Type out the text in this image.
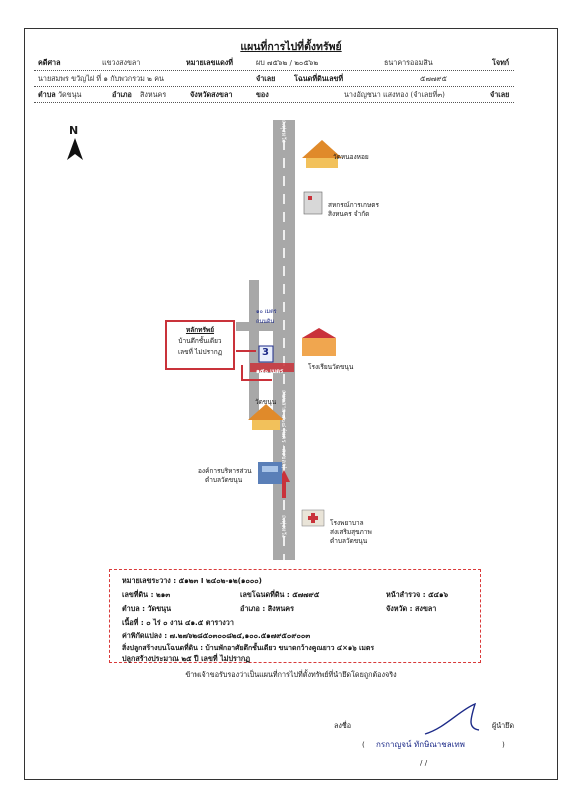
แผนที่การไปที่ตั้งทรัพย์
คดีศาล	แขวงสงขลา	หมายเลขแดงที่	ผบ ๗๕๖๒ / ๒๐๕๖๒	ธนาคารออมสิน	โจทก์
นายสมพร ขวัญไฝ ที่ ๑ กับพวกรวม ๒ คน	จำเลย	โฉนดที่ดินเลขที่	๕๗๗๙๕
ตำบล วัดขนุน	อำเภอ สิงหนคร	จังหวัดสงขลา	ของ	นางอัญชนา แสงทอง (จำเลยที่๓)	จำเลย
N	ถ.ทุ่งหวัง
ถนนสาย ๔๐๘ (นคร - สงขลา)
ถ.ทุ่งหวัง
วัดหนองหอย
สหกรณ์การเกษตร
สิงหนคร จำกัด
โรงเรียนวัดขนุน
วัดขนุน
องค์การบริหารส่วน
ตำบลวัดขนุน
โรงพยาบาล
ส่งเสริมสุขภาพ
ตำบลวัดขนุน
๑๕๐ เมตร
๑๐ เมตร
ถนนดิน
3
หลักทรัพย์
บ้านตึกชั้นเดียว
เลขที่ ไม่ปรากฏ
หมายเลขระวาง : ๕๑๒๓ I ๒๔๐๒-๑๒(๑๐๐๐)
เลขที่ดิน : ๒๑๓	เลขโฉนดที่ดิน : ๕๗๗๙๕	หน้าสำรวจ : ๕๔๑๖
ตำบล : วัดขนุน	อำเภอ : สิงหนคร	จังหวัด : สงขลา
เนื้อที่ : ๐ ไร่ ๐ งาน ๔๑.๕ ตารางวา
ค่าพิกัดแปลง : ๗.๒๗๖๒๘๕๐๓๐๐๘๒๔,๑๐๐.๕๑๗๙๕๐๙๐๐๓
สิ่งปลูกสร้างบนโฉนดที่ดิน : บ้านพักอาศัยตึกชั้นเดียว ขนาดกว้างคูณยาว ๔×๑๖ เมตร
ปลูกสร้างประมาณ ๒๕ ปี เลขที่ ไม่ปรากฏ
ข้าพเจ้าขอรับรองว่าเป็นแผนที่การไปที่ตั้งทรัพย์ที่นำยึดโดยถูกต้องจริง
ลงชื่อ	ผู้นำยึด
( กรกาญจน์ ทักษิณาชลเทพ	)
/ /
